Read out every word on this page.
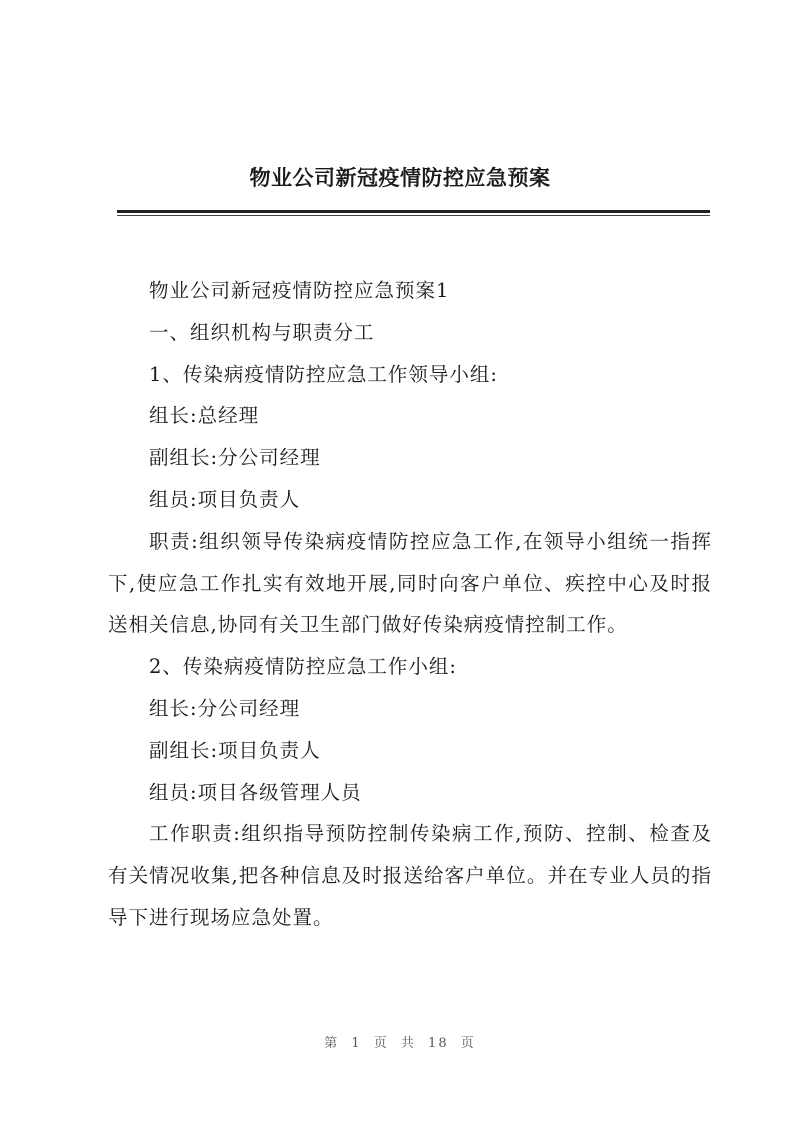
物业公司新冠疫情防控应急预案

物业公司新冠疫情防控应急预案1

一、组织机构与职责分工

1、传染病疫情防控应急工作领导小组:

组长:总经理

副组长:分公司经理

组员:项目负责人

职责:组织领导传染病疫情防控应急工作,在领导小组统一指挥下,使应急工作扎实有效地开展,同时向客户单位、疾控中心及时报送相关信息,协同有关卫生部门做好传染病疫情控制工作。

2、传染病疫情防控应急工作小组:

组长:分公司经理

副组长:项目负责人

组员:项目各级管理人员

工作职责:组织指导预防控制传染病工作,预防、控制、检查及有关情况收集,把各种信息及时报送给客户单位。并在专业人员的指导下进行现场应急处置。

第 1 页 共 18 页
